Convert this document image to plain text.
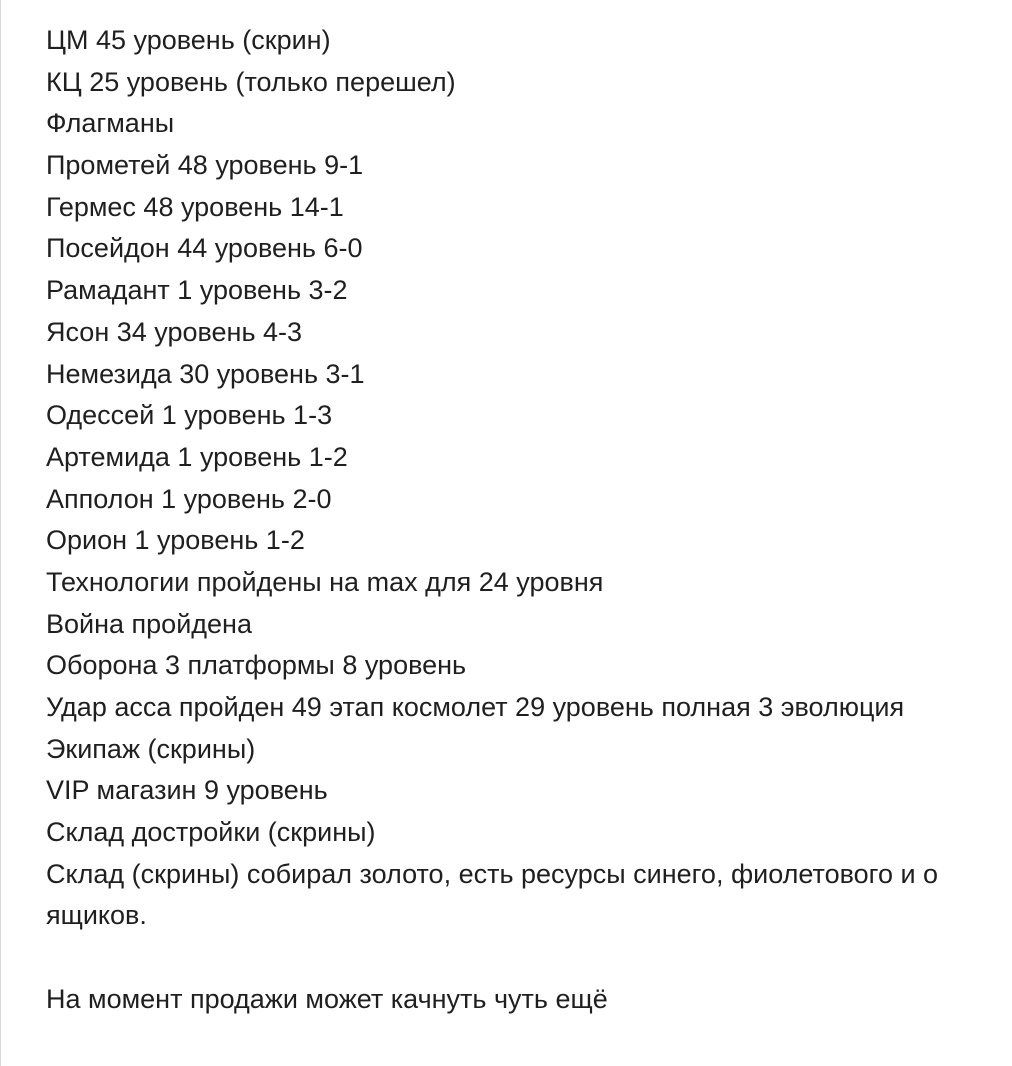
ЦМ 45 уровень (скрин)
КЦ 25 уровень (только перешел)
Флагманы
Прометей 48 уровень 9-1
Гермес 48 уровень 14-1
Посейдон 44 уровень 6-0
Рамадант 1 уровень 3-2
Ясон 34 уровень 4-3
Немезида 30 уровень 3-1
Одессей 1 уровень 1-3
Артемида 1 уровень 1-2
Апполон 1 уровень 2-0
Орион 1 уровень 1-2
Технологии пройдены на max для 24 уровня
Война пройдена
Оборона 3 платформы 8 уровень
Удар асса пройден 49 этап космолет 29 уровень полная 3 эволюция
Экипаж (скрины)
VIP магазин 9 уровень
Склад достройки (скрины)
Склад (скрины) собирал золото, есть ресурсы синего, фиолетового и о
ящиков.
На момент продажи может качнуть чуть ещё
